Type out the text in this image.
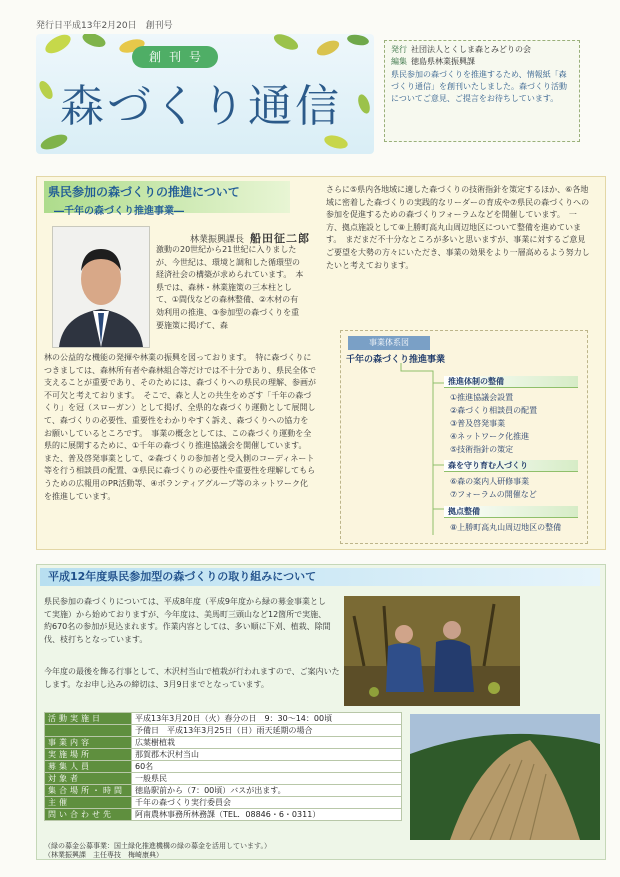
発行日平成13年2月20日　創刊号
創刊号
森づくり通信
発行 社団法人とくしま森とみどりの会
編集 徳島県林業振興課
県民参加の森づくりを推進するため、情報紙「森づくり通信」を創刊いたしました。森づくり活動についてご意見、ご提言をお待ちしています。
県民参加の森づくりの推進について
―千年の森づくり推進事業―
林業振興課長 船田征二郎
激動の20世紀から21世紀に入りましたが、今世紀は、環境と調和した循環型の経済社会の構築が求められています。　本県では、森林・林業施策の三本柱として、①間伐などの森林整備、②木材の有効利用の推進、③参加型の森づくりを重要施策に掲げて、森
林の公益的な機能の発揮や林業の振興を図っております。　特に森づくりにつきましては、森林所有者や森林組合等だけでは不十分であり、県民全体で支えることが重要であり、そのためには、森づくりへの県民の理解、参画が不可欠と考えております。　そこで、森と人との共生をめざす「千年の森づくり」を冠（スローガン）として掲げ、全県的な森づくり運動として展開して、森づくりの必要性、重要性をわかりやすく訴え、森づくりへの協力をお願いしているところです。　事業の概念としては、この森づくり運動を全県的に展開するために、①千年の森づくり推進協議会を開催しています。　また、普及啓発事業として、②森づくりの参加者と受入側のコーディネート等を行う相談員の配置、③県民に森づくりの必要性や重要性を理解してもらうための広報用のPR活動等、④ボランティアグループ等のネットワーク化を推進しています。
さらに⑤県内各地域に適した森づくりの技術指針を策定するほか、⑥各地域に密着した森づくりの実践的なリーダーの育成や⑦県民の森づくりへの参加を促進するための森づくりフォーラムなどを開催しています。　一方、拠点施設として⑧上勝町高丸山周辺地区について整備を進めています。　まだまだ不十分なところが多いと思いますが、事業に対するご意見ご要望を大勢の方々にいただき、事業の効果をより一層高めるよう努力したいと考えております。
事業体系図
千年の森づくり推進事業
推進体制の整備
①推進協議会設置
②森づくり相談員の配置
③普及啓発事業
④ネットワーク化推進
⑤技術指針の策定
森を守り育む人づくり
⑥森の案内人研修事業
⑦フォーラムの開催など
拠点整備
⑧上勝町高丸山周辺地区の整備
平成12年度県民参加型の森づくりの取り組みについて
県民参加の森づくりについては、平成8年度（平成9年度から緑の募金事業として実施）から始めておりますが、今年度は、美馬町三頭山など12箇所で実施、約670名の参加が見込まれます。作業内容としては、多い順に下刈、植栽、除間伐、枝打ちとなっています。
今年度の最後を飾る行事として、木沢村当山で植栽が行われますので、ご案内いたします。なお申し込みの締切は、3月9日までとなっています。
活動実施日	平成13年3月20日（火）春分の日　9：30～14：00頃
	予備日　平成13年3月25日（日）雨天延期の場合
事業内容	広葉樹植栽
実施場所	那賀郡木沢村当山
募集人員	60名
対象者	一般県民
集合場所・時間	徳島駅前から（7：00頃）バスが出ます。
主催	千年の森づくり実行委員会
問い合わせ先	阿南農林事務所林務課（TEL．08846・6・0311）
（緑の募金公募事業：国土緑化推進機構の緑の募金を活用しています。）
（林業振興課　主任専技　梅崎康典）
